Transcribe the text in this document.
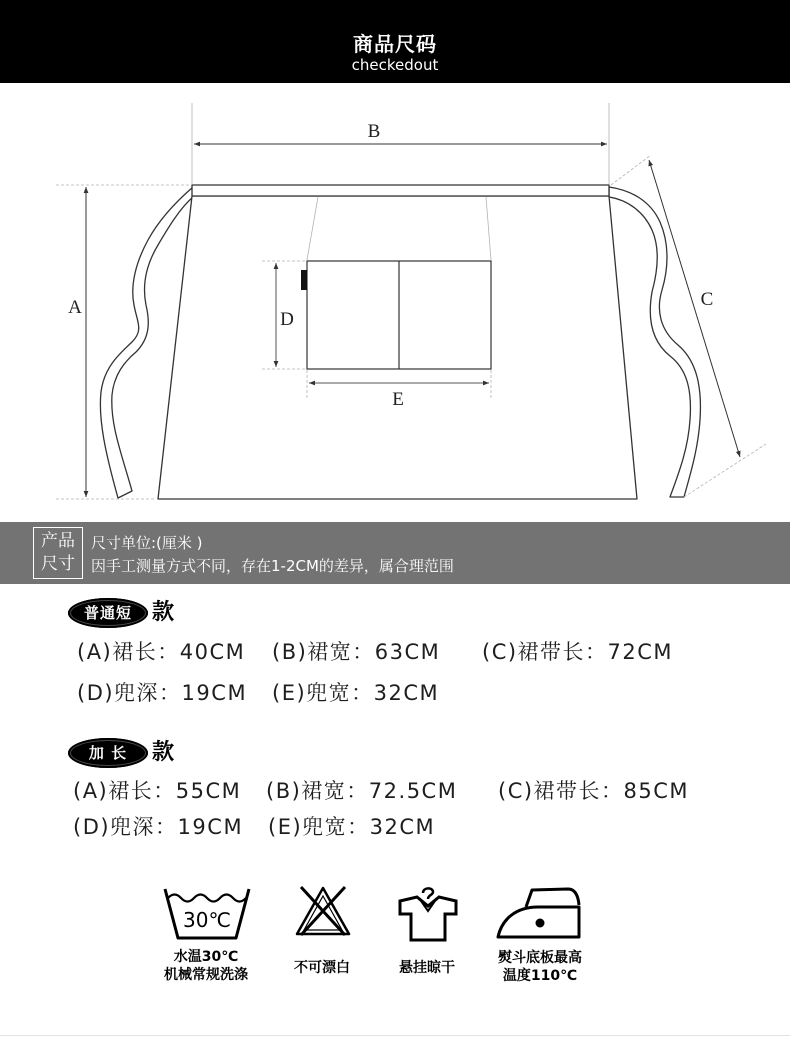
商品尺码
checkedout
B
A	C
D
E
产品
尺寸
尺寸单位:(厘米 )
因手工测量方式不同，存在1-2CM的差异，属合理范围
普通短 款
(A)裙长：40CM (B)裙宽：63CM (C)裙带长：72CM
(D)兜深：19CM (E)兜宽：32CM
加 长	款
(A)裙长：55CM (B)裙宽：72.5CM (C)裙带长：85CM
(D)兜深：19CM (E)兜宽：32CM
30℃
水温30℃
机械常规洗涤	不可漂白	悬挂晾干
熨斗底板最高
温度110℃
